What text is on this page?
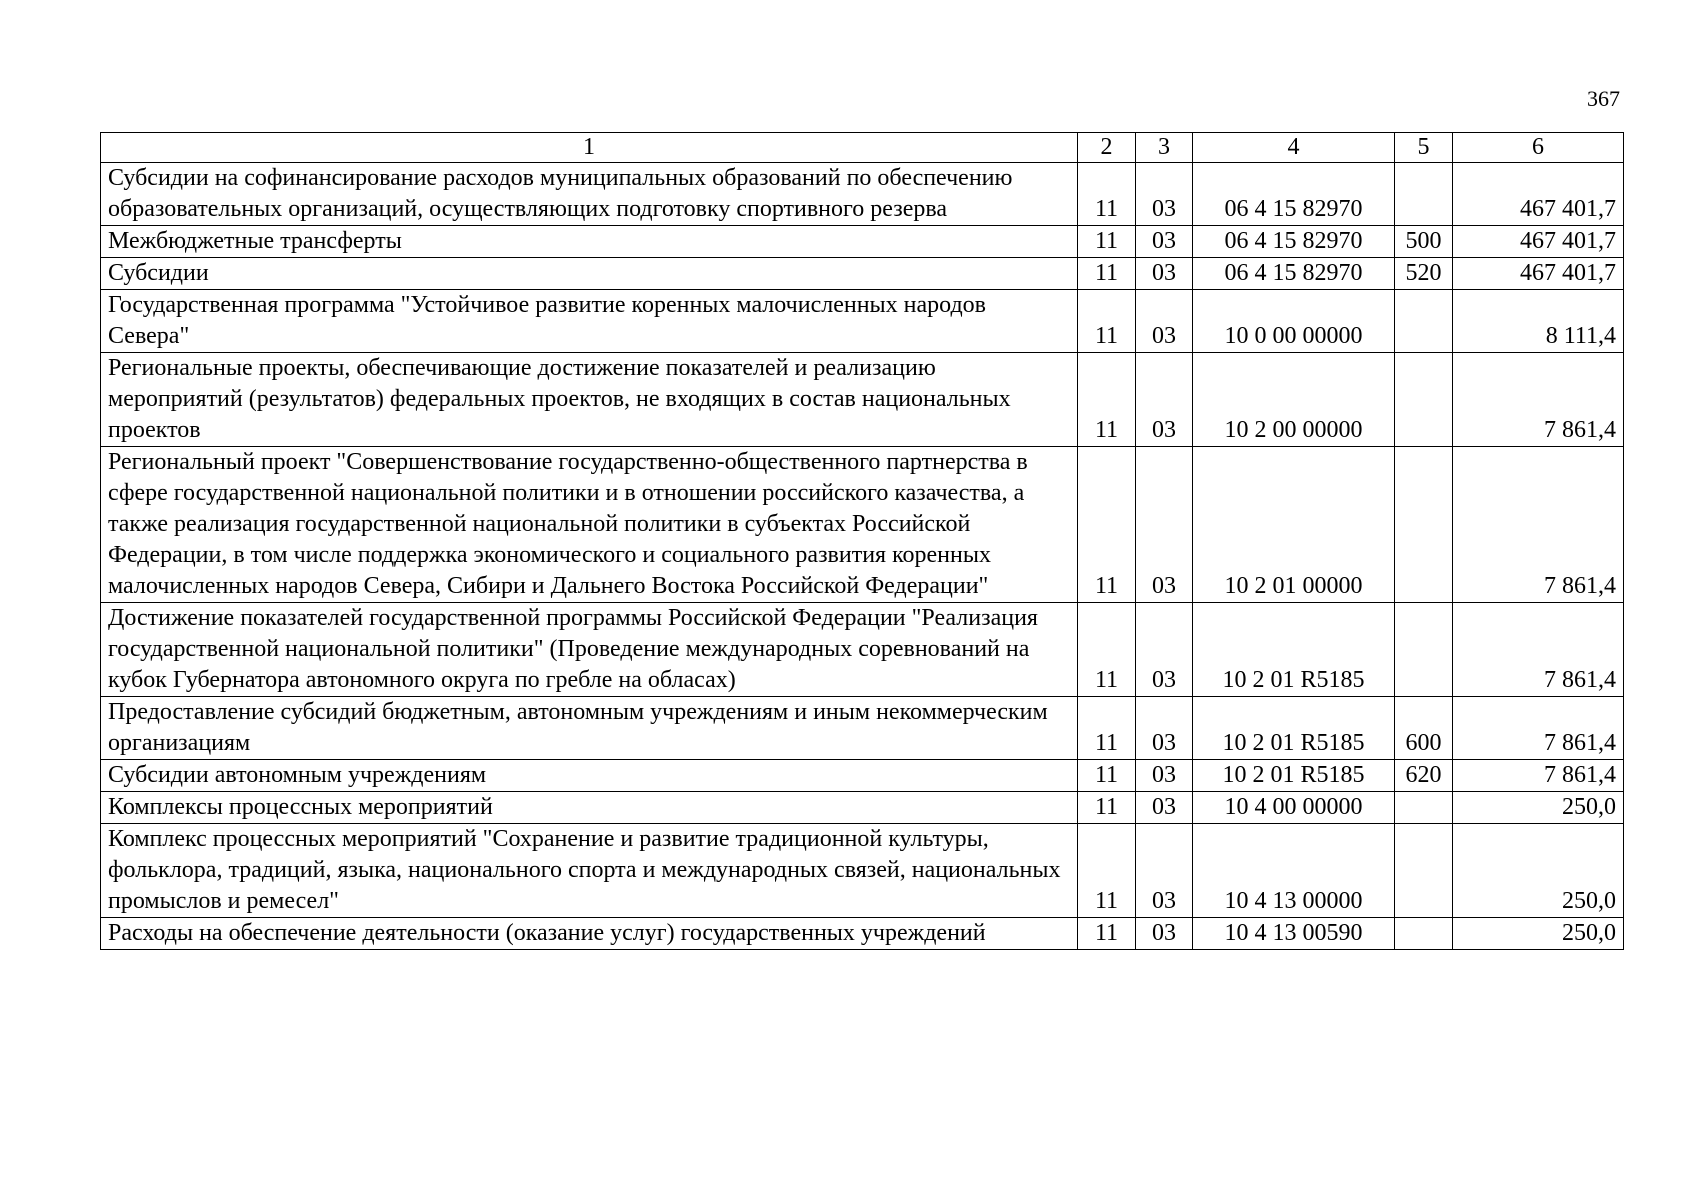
367
1	2	3	4	5	6
Субсидии на софинансирование расходов муниципальных образований по обеспечению образовательных организаций, осуществляющих подготовку спортивного резерва	11	03	06 4 15 82970		467 401,7
Межбюджетные трансферты	11	03	06 4 15 82970	500	467 401,7
Субсидии	11	03	06 4 15 82970	520	467 401,7
Государственная программа "Устойчивое развитие коренных малочисленных народов Севера"	11	03	10 0 00 00000		8 111,4
Региональные проекты, обеспечивающие достижение показателей и реализацию мероприятий (результатов) федеральных проектов, не входящих в состав национальных проектов	11	03	10 2 00 00000		7 861,4
Региональный проект "Совершенствование государственно-общественного партнерства в сфере государственной национальной политики и в отношении российского казачества, а также реализация государственной национальной политики в субъектах Российской Федерации, в том числе поддержка экономического и социального развития коренных малочисленных народов Севера, Сибири и Дальнего Востока Российской Федерации"	11	03	10 2 01 00000		7 861,4
Достижение показателей государственной программы Российской Федерации "Реализация государственной национальной политики" (Проведение международных соревнований на кубок Губернатора автономного округа по гребле на обласах)	11	03	10 2 01 R5185		7 861,4
Предоставление субсидий бюджетным, автономным учреждениям и иным некоммерческим организациям	11	03	10 2 01 R5185	600	7 861,4
Субсидии автономным учреждениям	11	03	10 2 01 R5185	620	7 861,4
Комплексы процессных мероприятий	11	03	10 4 00 00000		250,0
Комплекс процессных мероприятий "Сохранение и развитие традиционной культуры, фольклора, традиций, языка, национального спорта и международных связей, национальных промыслов и ремесел"	11	03	10 4 13 00000		250,0
Расходы на обеспечение деятельности (оказание услуг) государственных учреждений	11	03	10 4 13 00590		250,0
